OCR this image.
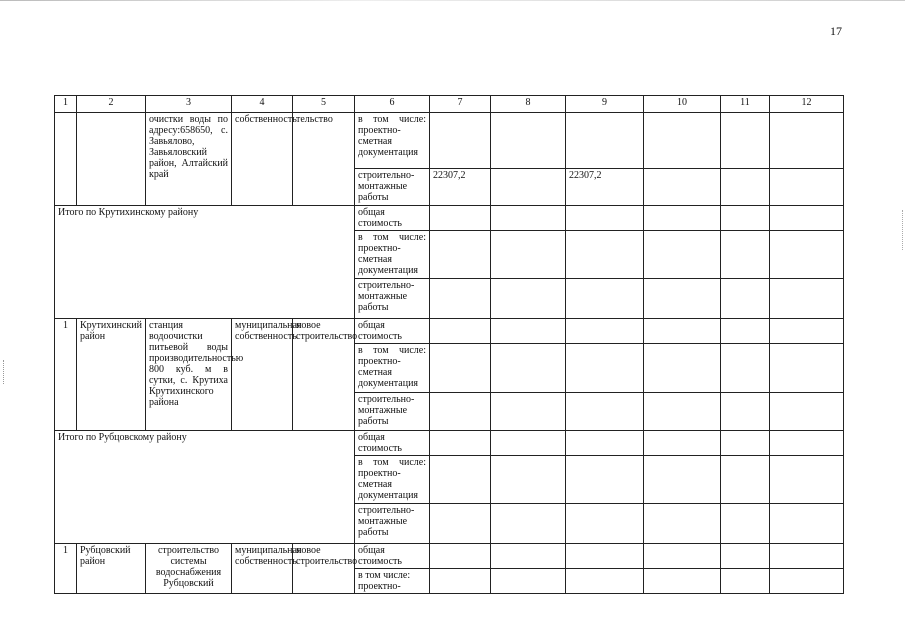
17
1	2	3	4	5	6	7	8	9	10	11	12
		очистки воды по адресу:658650, с. Завьялово, Завьяловский район, Алтайский край	собственность	тельство	в том числе: проектно-сметная документация						
					строительно-монтажные работы	22307,2		22307,2			
Итого по Крутихинскому району					общая стоимость						
					в том числе: проектно-сметная документация						
					строительно-монтажные работы						
1	Крутихинский район	станция водоочистки питьевой воды производительностью 800 куб. м в сутки, с. Крутиха Крутихинского района	муниципальная собственность	новое строительство	общая стоимость						
					в том числе: проектно-сметная документация						
					строительно-монтажные работы						
Итого по Рубцовскому району					общая стоимость						
					в том числе: проектно-сметная документация						
					строительно-монтажные работы						
1	Рубцовский район	строительство системы водоснабжения Рубцовский	муниципальная собственность	новое строительство	общая стоимость						
					в том числе: проектно-						
